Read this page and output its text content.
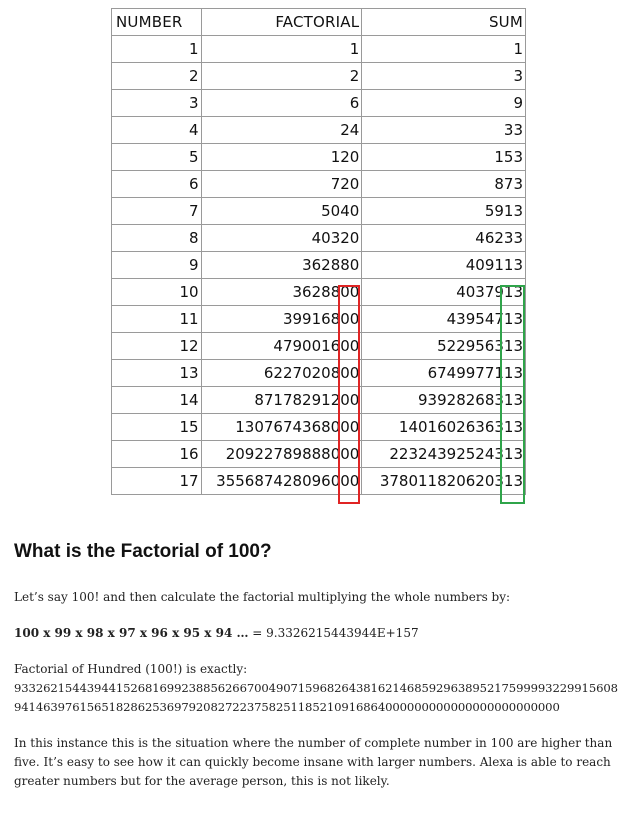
NUMBER	FACTORIAL	SUM
1	1	1
2	2	3
3	6	9
4	24	33
5	120	153
6	720	873
7	5040	5913
8	40320	46233
9	362880	409113
10	3628800	4037913
11	39916800	43954713
12	479001600	522956313
13	6227020800	6749977113
14	87178291200	93928268313
15	1307674368000	1401602636313
16	20922789888000	22324392524313
17	355687428096000	378011820620313
What is the Factorial of 100?

Let’s say 100! and then calculate the factorial multiplying the whole numbers by:

100 x 99 x 98 x 97 x 96 x 95 x 94 … = 9.3326215443944E+157

Factorial of Hundred (100!) is exactly:
93326215443944152681699238856266700490715968264381621468592963895217599993229915608941463976156518286253697920827223758251185210916864000000000000000000000000

In this instance this is the situation where the number of complete number in 100 are higher than five. It’s easy to see how it can quickly become insane with larger numbers. Alexa is able to reach greater numbers but for the average person, this is not likely.
